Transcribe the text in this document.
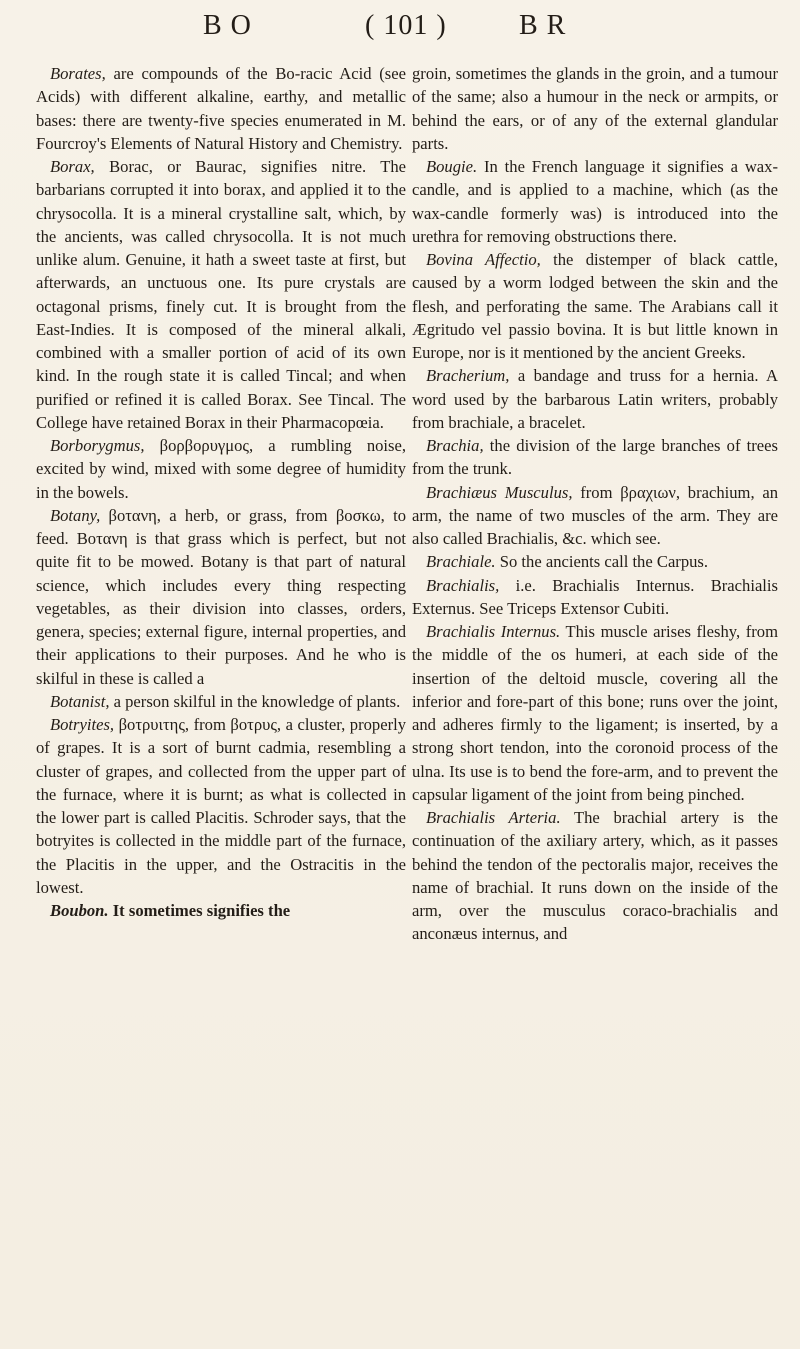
B O	( 101 )	B R

Borates, are compounds of the Bo-racic Acid (see Acids) with different alkaline, earthy, and metallic bases: there are twenty-five species enumerated in M. Fourcroy's Elements of Natural History and Chemistry.

Borax, Borac, or Baurac, signifies nitre. The barbarians corrupted it into borax, and applied it to the chrysocolla. It is a mineral crystalline salt, which, by the ancients, was called chrysocolla. It is not much unlike alum. Genuine, it hath a sweet taste at first, but afterwards, an unctuous one. Its pure crystals are octagonal prisms, finely cut. It is brought from the East-Indies. It is composed of the mineral alkali, combined with a smaller portion of acid of its own kind. In the rough state it is called Tincal; and when purified or refined it is called Borax. See Tincal. The College have retained Borax in their Pharmacopœia.

Borborygmus, βορβορυγμος, a rumbling noise, excited by wind, mixed with some degree of humidity in the bowels.

Botany, βοτανη, a herb, or grass, from βοσκω, to feed. Βοτανη is that grass which is perfect, but not quite fit to be mowed. Botany is that part of natural science, which includes every thing respecting vegetables, as their division into classes, orders, genera, species; external figure, internal properties, and their applications to their purposes. And he who is skilful in these is called a

Botanist, a person skilful in the knowledge of plants.

Botryites, βοτρυιτης, from βοτρυς, a cluster, properly of grapes. It is a sort of burnt cadmia, resembling a cluster of grapes, and collected from the upper part of the furnace, where it is burnt; as what is collected in the lower part is called Placitis. Schroder says, that the botryites is collected in the middle part of the furnace, the Placitis in the upper, and the Ostracitis in the lowest.

Boubon. It sometimes signifies the

groin, sometimes the glands in the groin, and a tumour of the same; also a humour in the neck or armpits, or behind the ears, or of any of the external glandular parts.

Bougie. In the French language it signifies a wax-candle, and is applied to a machine, which (as the wax-candle formerly was) is introduced into the urethra for removing obstructions there.

Bovina Affectio, the distemper of black cattle, caused by a worm lodged between the skin and the flesh, and perforating the same. The Arabians call it Ægritudo vel passio bovina. It is but little known in Europe, nor is it mentioned by the ancient Greeks.

Bracherium, a bandage and truss for a hernia. A word used by the barbarous Latin writers, probably from brachiale, a bracelet.

Brachia, the division of the large branches of trees from the trunk.

Brachiæus Musculus, from βραχιων, brachium, an arm, the name of two muscles of the arm. They are also called Brachialis, &c. which see.

Brachiale. So the ancients call the Carpus.

Brachialis, i.e. Brachialis Internus. Brachialis Externus. See Triceps Extensor Cubiti.

Brachialis Internus. This muscle arises fleshy, from the middle of the os humeri, at each side of the insertion of the deltoid muscle, covering all the inferior and fore-part of this bone; runs over the joint, and adheres firmly to the ligament; is inserted, by a strong short tendon, into the coronoid process of the ulna. Its use is to bend the fore-arm, and to prevent the capsular ligament of the joint from being pinched.

Brachialis Arteria. The brachial artery is the continuation of the axiliary artery, which, as it passes behind the tendon of the pectoralis major, receives the name of brachial. It runs down on the inside of the arm, over the musculus coraco-brachialis and anconæus internus, and
